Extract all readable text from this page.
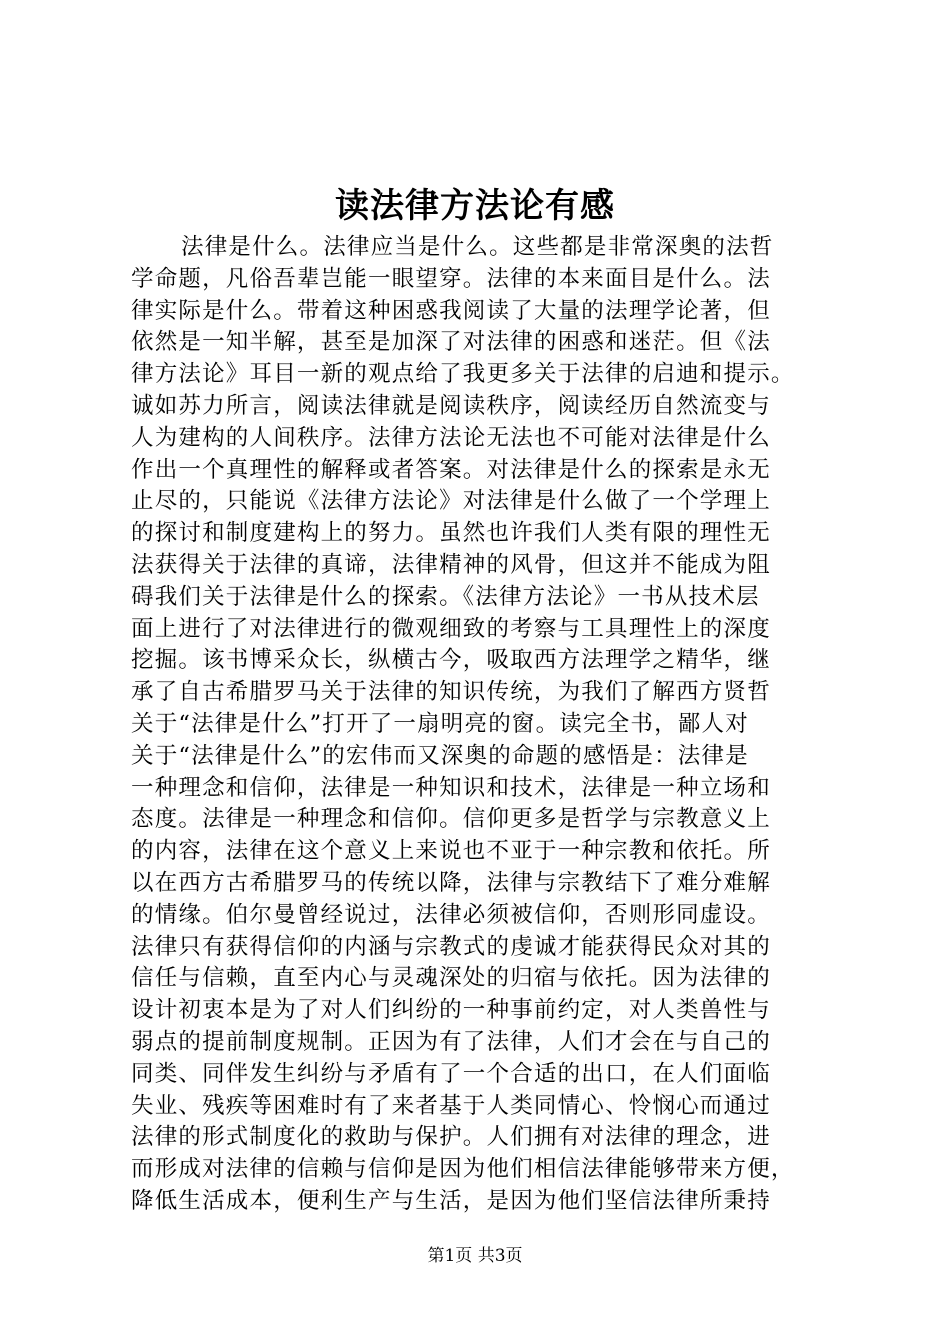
读法律方法论有感
法律是什么。法律应当是什么。这些都是非常深奥的法哲
学命题，凡俗吾辈岂能一眼望穿。法律的本来面目是什么。法
律实际是什么。带着这种困惑我阅读了大量的法理学论著，但
依然是一知半解，甚至是加深了对法律的困惑和迷茫。但《法
律方法论》耳目一新的观点给了我更多关于法律的启迪和提示。
诚如苏力所言，阅读法律就是阅读秩序，阅读经历自然流变与
人为建构的人间秩序。法律方法论无法也不可能对法律是什么
作出一个真理性的解释或者答案。对法律是什么的探索是永无
止尽的，只能说《法律方法论》对法律是什么做了一个学理上
的探讨和制度建构上的努力。虽然也许我们人类有限的理性无
法获得关于法律的真谛，法律精神的风骨，但这并不能成为阻
碍我们关于法律是什么的探索。《法律方法论》一书从技术层
面上进行了对法律进行的微观细致的考察与工具理性上的深度
挖掘。该书博采众长，纵横古今，吸取西方法理学之精华，继
承了自古希腊罗马关于法律的知识传统，为我们了解西方贤哲
关于“法律是什么”打开了一扇明亮的窗。读完全书，鄙人对
关于“法律是什么”的宏伟而又深奥的命题的感悟是：法律是
一种理念和信仰，法律是一种知识和技术，法律是一种立场和
态度。法律是一种理念和信仰。信仰更多是哲学与宗教意义上
的内容，法律在这个意义上来说也不亚于一种宗教和依托。所
以在西方古希腊罗马的传统以降，法律与宗教结下了难分难解
的情缘。伯尔曼曾经说过，法律必须被信仰，否则形同虚设。
法律只有获得信仰的内涵与宗教式的虔诚才能获得民众对其的
信任与信赖，直至内心与灵魂深处的归宿与依托。因为法律的
设计初衷本是为了对人们纠纷的一种事前约定，对人类兽性与
弱点的提前制度规制。正因为有了法律，人们才会在与自己的
同类、同伴发生纠纷与矛盾有了一个合适的出口，在人们面临
失业、残疾等困难时有了来者基于人类同情心、怜悯心而通过
法律的形式制度化的救助与保护。人们拥有对法律的理念，进
而形成对法律的信赖与信仰是因为他们相信法律能够带来方便，
降低生活成本，便利生产与生活，是因为他们坚信法律所秉持
第1页 共3页
